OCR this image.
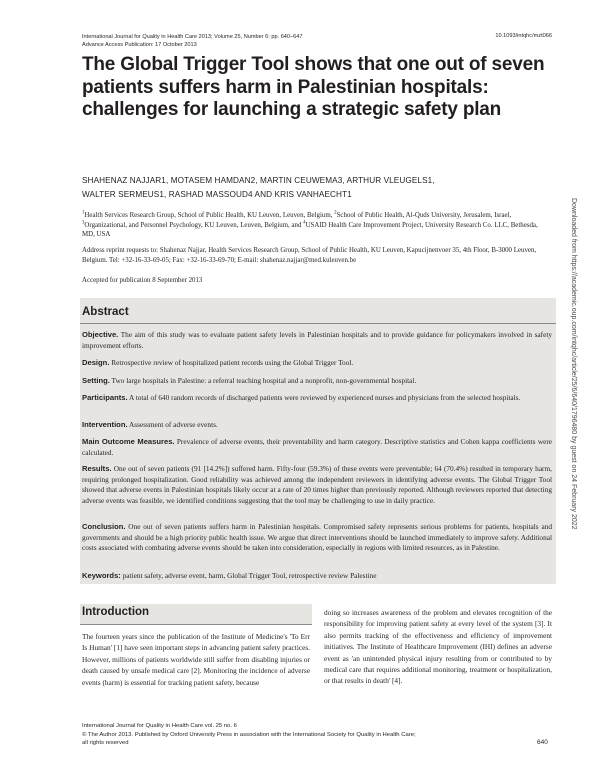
International Journal for Quality in Health Care 2013; Volume 25, Number 6: pp. 640–647
Advance Access Publication: 17 October 2013
10.1093/intqhc/mzt066
The Global Trigger Tool shows that one out of seven patients suffers harm in Palestinian hospitals: challenges for launching a strategic safety plan
SHAHENAZ NAJJAR1, MOTASEM HAMDAN2, MARTIN CEUWEMA3, ARTHUR VLEUGELS1,
WALTER SERMEUS1, RASHAD MASSOUD4 AND KRIS VANHAECHT1
$^1$Health Services Research Group, School of Public Health, KU Leuven, Leuven, Belgium, $^2$School of Public Health, Al-Quds University, Jerusalem, Israel, $^3$Organizational, and Personnel Psychology, KU Leuven, Leuven, Belgium, and $^4$USAID Health Care Improvement Project, University Research Co. LLC, Bethesda, MD, USA
Address reprint requests to: Shahenaz Najjar, Health Services Research Group, School of Public Health, KU Leuven, Kapucijnenvoer 35, 4th Floor, B-3000 Leuven, Belgium. Tel: +32-16-33-69-05; Fax: +32-16-33-69-70; E-mail: shahenaz.najjar@med.kuleuven.be
Accepted for publication 8 September 2013
Abstract

Objective. The aim of this study was to evaluate patient safety levels in Palestinian hospitals and to provide guidance for policymakers involved in safety improvement efforts.

Design. Retrospective review of hospitalized patient records using the Global Trigger Tool.

Setting. Two large hospitals in Palestine: a referral teaching hospital and a nonprofit, non-governmental hospital.

Participants. A total of 640 random records of discharged patients were reviewed by experienced nurses and physicians from the selected hospitals.

Intervention. Assessment of adverse events.

Main Outcome Measures. Prevalence of adverse events, their preventability and harm category. Descriptive statistics and Cohen kappa coefficients were calculated.

Results. One out of seven patients (91 [14.2%]) suffered harm. Fifty-four (59.3%) of these events were preventable; 64 (70.4%) resulted in temporary harm, requiring prolonged hospitalization. Good reliability was achieved among the independent reviewers in identifying adverse events. The Global Trigger Tool showed that adverse events in Palestinian hospitals likely occur at a rate of 20 times higher than previously reported. Although reviewers reported that detecting adverse events was feasible, we identified conditions suggesting that the tool may be challenging to use in daily practice.

Conclusion. One out of seven patients suffers harm in Palestinian hospitals. Compromised safety represents serious problems for patients, hospitals and governments and should be a high priority public health issue. We argue that direct interventions should be launched immediately to improve safety. Additional costs associated with combating adverse events should be taken into consideration, especially in regions with limited resources, as in Palestine.

Keywords: patient safety, adverse event, harm, Global Trigger Tool, retrospective review Palestine

Introduction

The fourteen years since the publication of the Institute of Medicine's 'To Err Is Human' [1] have seen important steps in advancing patient safety practices. However, millions of patients worldwide still suffer from disabling injuries or death caused by unsafe medical care [2]. Monitoring the incidence of adverse events (harm) is essential for tracking patient safety, because

doing so increases awareness of the problem and elevates recognition of the responsibility for improving patient safety at every level of the system [3]. It also permits tracking of the effectiveness and efficiency of improvement initiatives. The Institute of Healthcare Improvement (IHI) defines an adverse event as 'an unintended physical injury resulting from or contributed to by medical care that requires additional monitoring, treatment or hospitalization, or that results in death' [4].

International Journal for Quality in Health Care vol. 25 no. 6
© The Author 2013. Published by Oxford University Press in association with the International Society for Quality in Health Care;
all rights reserved	640
Downloaded from https://academic.oup.com/intqhc/article/25/6/640/1796480 by guest on 24 February 2022
